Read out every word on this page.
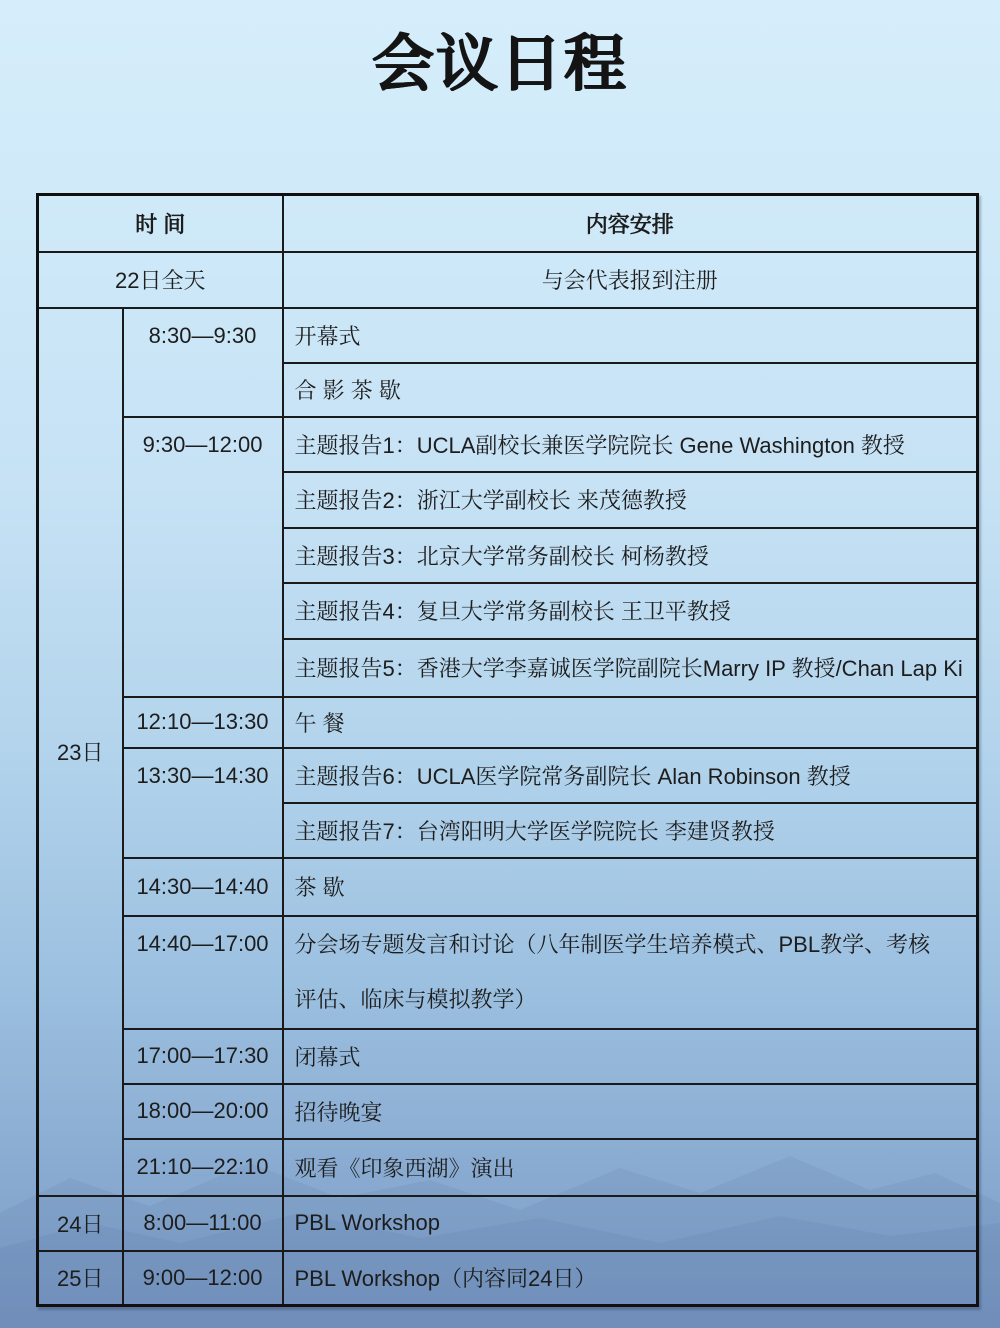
会议日程
时 间		内容安排
22日全天		与会代表报到注册
23日	8:30—9:30	开幕式
		合 影 茶 歇
	9:30—12:00	主题报告1：UCLA副校长兼医学院院长 Gene Washington 教授
		主题报告2：浙江大学副校长 来茂德教授
		主题报告3：北京大学常务副校长 柯杨教授
		主题报告4：复旦大学常务副校长 王卫平教授
		主题报告5：香港大学李嘉诚医学院副院长Marry IP 教授/Chan Lap Ki
	12:10—13:30	午 餐
	13:30—14:30	主题报告6：UCLA医学院常务副院长 Alan Robinson 教授
		主题报告7：台湾阳明大学医学院院长 李建贤教授
	14:30—14:40	茶 歇
	14:40—17:00	分会场专题发言和讨论（八年制医学生培养模式、PBL教学、考核
评估、临床与模拟教学）

	17:00—17:30	闭幕式
	18:00—20:00	招待晚宴
	21:10—22:10	观看《印象西湖》演出
24日	8:00—11:00	PBL Workshop
25日	9:00—12:00	PBL Workshop（内容同24日）
